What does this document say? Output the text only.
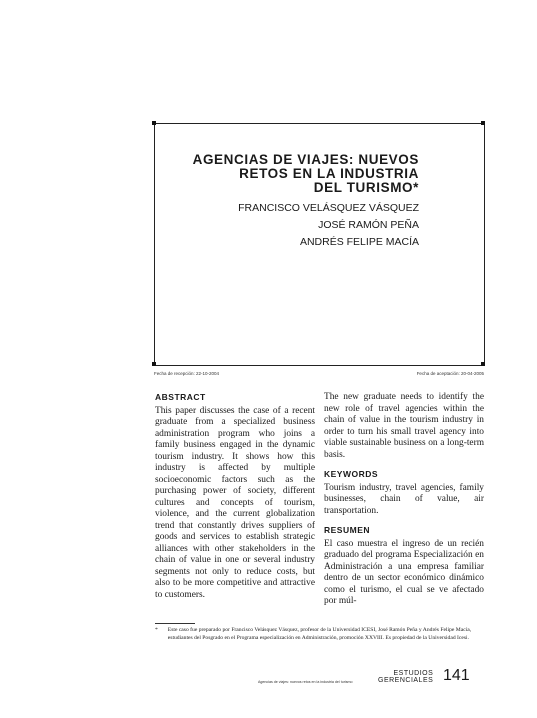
AGENCIAS DE VIAJES: NUEVOS
RETOS EN LA INDUSTRIA
DEL TURISMO*
FRANCISCO VELÁSQUEZ VÁSQUEZ
JOSÉ RAMÓN PEÑA
ANDRÉS FELIPE MACÍA
Fecha de recepción: 22-10-2004	Fecha de aceptación: 20-04-2005
ABSTRACT

This paper discusses the case of a recent graduate from a specialized business administration program who joins a family business engaged in the dynamic tourism industry. It shows how this industry is affected by multiple socioeconomic factors such as the purchasing power of society, different cultures and concepts of tourism, violence, and the current globalization trend that constantly drives suppliers of goods and services to establish strategic alliances with other stakeholders in the chain of value in one or several industry segments not only to reduce costs, but also to be more competitive and attractive to customers.

The new graduate needs to identify the new role of travel agencies within the chain of value in the tourism industry in order to turn his small travel agency into viable sustainable business on a long-term basis.

KEYWORDS

Tourism industry, travel agencies, family businesses, chain of value, air transportation.

RESUMEN

El caso muestra el ingreso de un recién graduado del programa Especialización en Administración a una empresa familiar dentro de un sector económico dinámico como el turismo, el cual se ve afectado por múl-

* Este caso fue preparado por Francisco Velásquez Vásquez, profesor de la Universidad ICESI, José Ramón Peña y Andrés Felipe Macía, estudiantes del Posgrado en el Programa especialización en Administración, promoción XXVIII. Es propiedad de la Universidad Icesi.
Agencias de viajes: nuevos retos en la industria del turismo
ESTUDIOS
GERENCIALES 141
